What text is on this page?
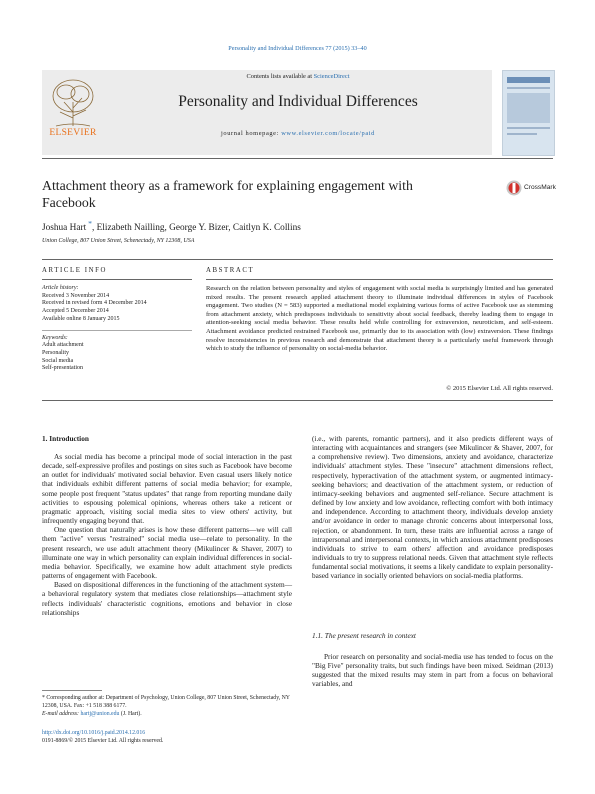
Personality and Individual Differences 77 (2015) 33–40
ELSEVIER
Contents lists available at ScienceDirect
Personality and Individual Differences
journal homepage: www.elsevier.com/locate/paid
Attachment theory as a framework for explaining engagement with Facebook
CrossMark
Joshua Hart *, Elizabeth Nailling, George Y. Bizer, Caitlyn K. Collins
Union College, 807 Union Street, Schenectady, NY 12308, USA
ARTICLE INFO	ABSTRACT
Article history:
Received 3 November 2014
Received in revised form 4 December 2014
Accepted 5 December 2014
Available online 8 January 2015
Keywords:
Adult attachment
Personality
Social media
Self-presentation
Research on the relation between personality and styles of engagement with social media is surprisingly limited and has generated mixed results. The present research applied attachment theory to illuminate individual differences in styles of Facebook engagement. Two studies (N = 583) supported a mediational model explaining various forms of active Facebook use as stemming from attachment anxiety, which predisposes individuals to sensitivity about social feedback, thereby leading them to engage in attention-seeking social media behavior. These results held while controlling for extraversion, neuroticism, and self-esteem. Attachment avoidance predicted restrained Facebook use, primarily due to its association with (low) extraversion. These findings resolve inconsistencies in previous research and demonstrate that attachment theory is a particularly useful framework through which to study the influence of personality on social-media behavior.
© 2015 Elsevier Ltd. All rights reserved.
1. Introduction

As social media has become a principal mode of social interaction in the past decade, self-expressive profiles and postings on sites such as Facebook have become an outlet for individuals' motivated social behavior. Even casual users likely notice that individuals exhibit different patterns of social media behavior; for example, some people post frequent "status updates" that range from reporting mundane daily activities to espousing polemical opinions, whereas others take a reticent or pragmatic approach, visiting social media sites to view others' activity, but infrequently engaging beyond that.

One question that naturally arises is how these different patterns—we will call them "active" versus "restrained" social media use—relate to personality. In the present research, we use adult attachment theory (Mikulincer & Shaver, 2007) to illuminate one way in which personality can explain individual differences in social-media behavior. Specifically, we examine how adult attachment style predicts patterns of engagement with Facebook.

Based on dispositional differences in the functioning of the attachment system—a behavioral regulatory system that mediates close relationships—attachment style reflects individuals' characteristic cognitions, emotions and behavior in close relationships

(i.e., with parents, romantic partners), and it also predicts different ways of interacting with acquaintances and strangers (see Mikulincer & Shaver, 2007, for a comprehensive review). Two dimensions, anxiety and avoidance, characterize individuals' attachment styles. These "insecure" attachment dimensions reflect, respectively, hyperactivation of the attachment system, or augmented intimacy-seeking behaviors; and deactivation of the attachment system, or reduction of intimacy-seeking behaviors and augmented self-reliance. Secure attachment is defined by low anxiety and low avoidance, reflecting comfort with both intimacy and independence. According to attachment theory, individuals develop anxiety and/or avoidance in order to manage chronic concerns about interpersonal loss, rejection, or abandonment. In turn, these traits are influential across a range of intrapersonal and interpersonal contexts, in which anxious attachment predisposes individuals to strive to earn others' affection and avoidance predisposes individuals to try to suppress relational needs. Given that attachment style reflects fundamental social motivations, it seems a likely candidate to explain personality-based variance in socially oriented behaviors on social-media platforms.

1.1. The present research in context

Prior research on personality and social-media use has tended to focus on the "Big Five" personality traits, but such findings have been mixed. Seidman (2013) suggested that the mixed results may stem in part from a focus on behavioral variables, and

* Corresponding author at: Department of Psychology, Union College, 807 Union Street, Schenectady, NY 12308, USA. Fax: +1 518 388 6177.
E-mail address: hartj@union.edu (J. Hart).
http://dx.doi.org/10.1016/j.paid.2014.12.016
0191-8869/© 2015 Elsevier Ltd. All rights reserved.
